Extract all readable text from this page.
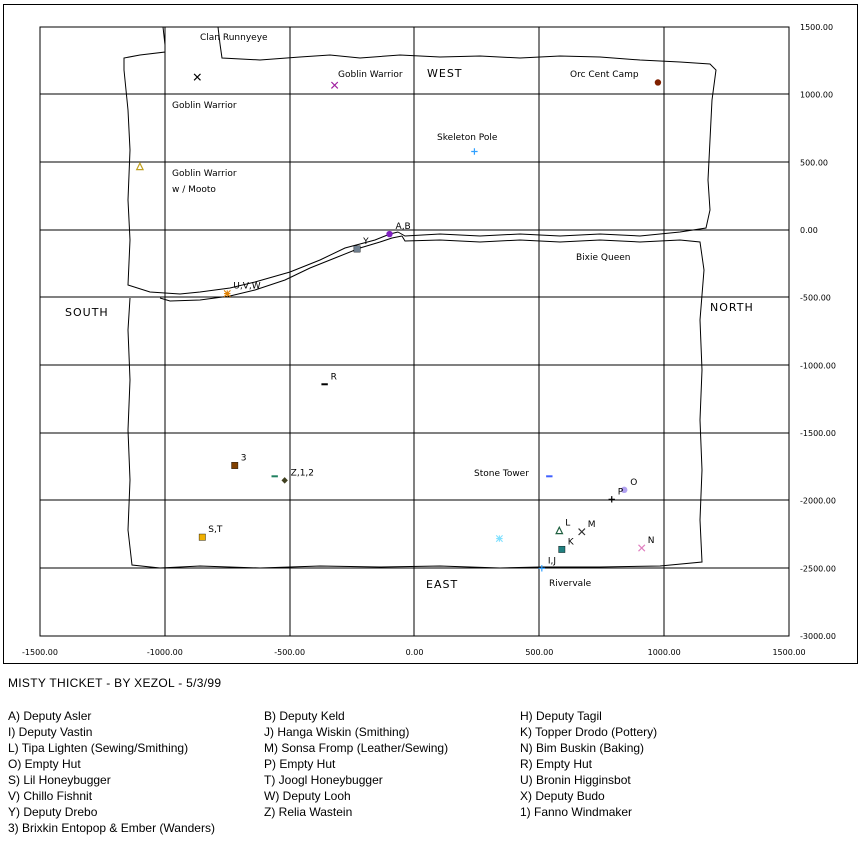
-1500.00	-1000.00	-500.00	0.00	500.00	1000.00	1500.00
1500.00
1000.00
500.00
0.00
-500.00
-1000.00
-1500.00
-2000.00
-2500.00
-3000.00
WEST
SOUTH	NORTH
EAST
Clan Runnyeye
Goblin Warrior
Goblin Warrior
Goblin Warrior
w / Mooto
Orc Cent Camp
Skeleton Pole
Bixie Queen
Stone Tower
Rivervale
A,B
Y
U,V,W
R
3
Z,1,2
S,T
L M
K	N
O
P
I,J
MISTY THICKET - BY XEZOL - 5/3/99
A) Deputy Asler
I) Deputy Vastin
L) Tipa Lighten (Sewing/Smithing)
O) Empty Hut
S) Lil Honeybugger
V) Chillo Fishnit
Y) Deputy Drebo
3) Brixkin Entopop & Ember (Wanders)
B) Deputy Keld
J) Hanga Wiskin (Smithing)
M) Sonsa Fromp (Leather/Sewing)
P) Empty Hut
T) Joogl Honeybugger
W) Deputy Looh
Z) Relia Wastein
H) Deputy Tagil
K) Topper Drodo (Pottery)
N) Bim Buskin (Baking)
R) Empty Hut
U) Bronin Higginsbot
X) Deputy Budo
1) Fanno Windmaker
